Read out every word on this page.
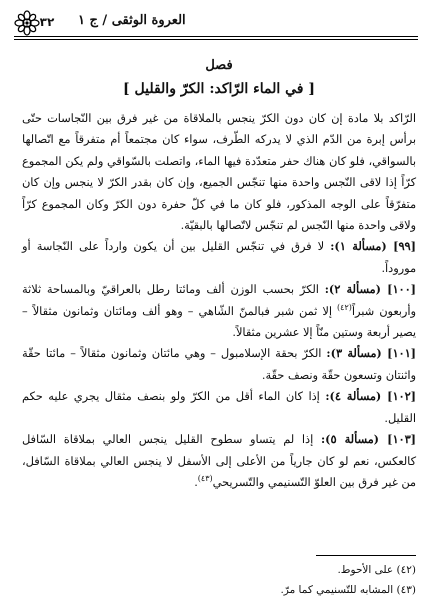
٣٢ العروة الوثقى / ج ١
فصل
[ في الماء الرّاكد: الكرّ والقليل ]

الرّاكد بلا مادة إن كان دون الكرّ ينجس بالملاقاة من غير فرق بين النّجاسات حتّى برأس إبرة من الدّم الذي لا يدركه الطّرف، سواء كان مجتمعاً أم متفرقاً مع اتّصالها بالسواقي، فلو كان هناك حفر متعدّدة فيها الماء، واتصلت بالسّواقي ولم يكن المجموع كرّاً إذا لاقى النّجس واحدة منها تنجّس الجميع، وإن كان بقدر الكرّ لا ينجس وإن كان متفرّقاً على الوجه المذكور، فلو كان ما في كلّ حفرة دون الكرّ وكان المجموع كرّاً ولاقى واحدة منها النّجس لم تنجّس لاتّصالها بالبقيّة.

[٩٩] (مسألة ١): لا فرق في تنجّس القليل بين أن يكون وارداً على النّجاسة أو موروداً.

[١٠٠] (مسألة ٢): الكرّ بحسب الوزن ألف ومائتا رطل بالعراقيّ وبالمساحة ثلاثة وأربعون شبراً$^{(٤٢)}$ إلا ثمن شبر فبالمنّ الشّاهي – وهو ألف ومائتان وثمانون مثقالاً – يصير أربعة وستين منّاً إلا عشرين مثقالاً.

[١٠١] (مسألة ٣): الكرّ بحقة الإسلامبول – وهي مائتان وثمانون مثقالاً – مائتا حقّة واثنتان وتسعون حقّة ونصف حقّة.

[١٠٢] (مسألة ٤): إذا كان الماء أقل من الكرّ ولو بنصف مثقال يجري عليه حكم القليل.

[١٠٣] (مسألة ٥): إذا لم يتساو سطوح القليل ينجس العالي بملاقاة السّافل كالعكس، نعم لو كان جارياً من الأعلى إلى الأسفل لا ينجس العالي بملاقاة السّافل، من غير فرق بين العلوّ التّسنيمي والتّسريحي$^{(٤٣)}$.

(٤٢) على الأحوط.
(٤٣) المشابه للتّسنيمي كما مرّ.
